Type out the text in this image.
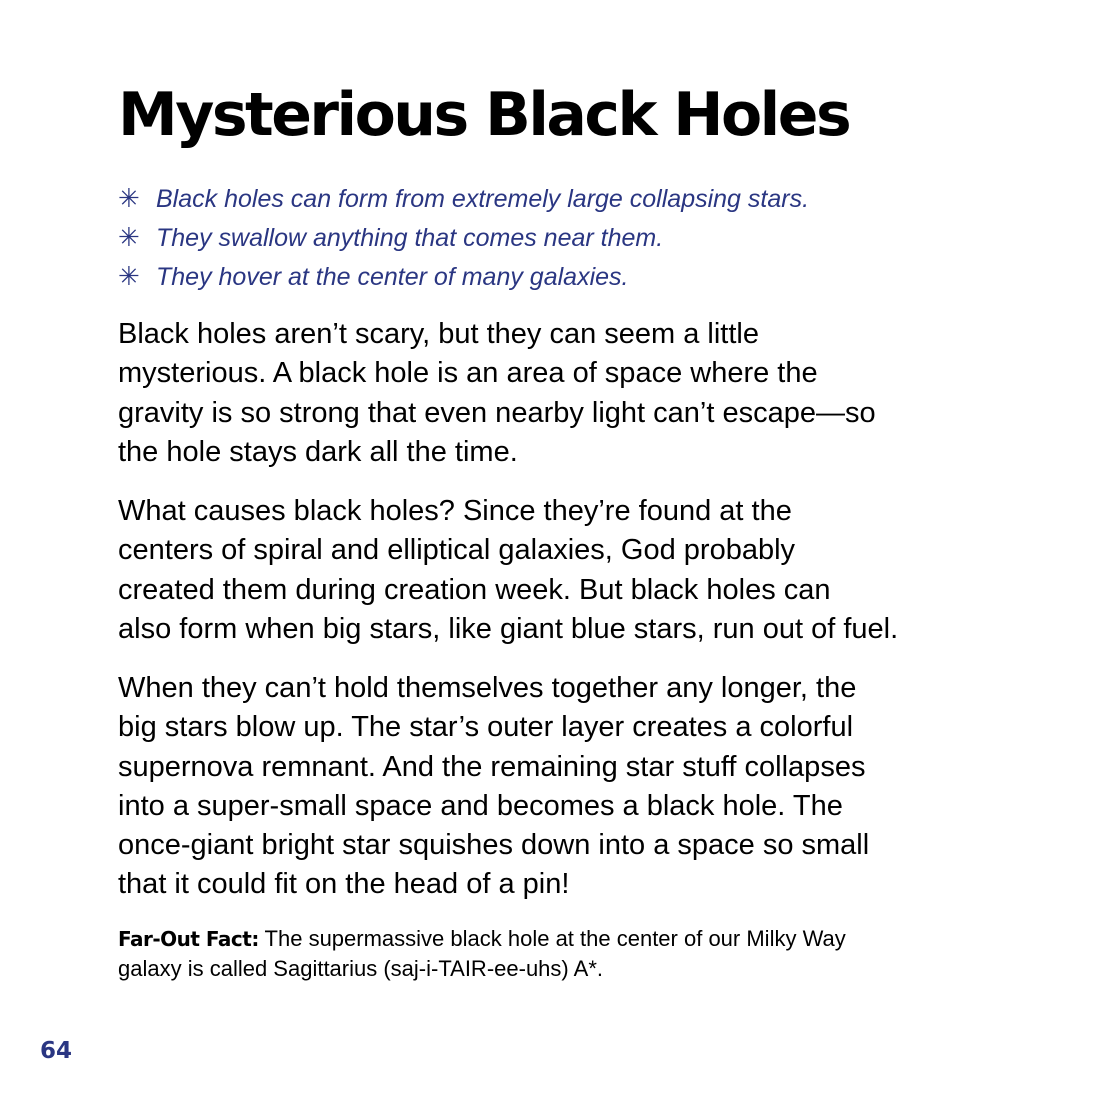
Mysterious Black Holes
✳ Black holes can form from extremely large collapsing stars.
✳ They swallow anything that comes near them.
✳ They hover at the center of many galaxies.

Black holes aren’t scary, but they can seem a little

mysterious. A black hole is an area of space where the

gravity is so strong that even nearby light can’t escape—so

the hole stays dark all the time.

What causes black holes? Since they’re found at the

centers of spiral and elliptical galaxies, God probably

created them during creation week. But black holes can

also form when big stars, like giant blue stars, run out of fuel.

When they can’t hold themselves together any longer, the

big stars blow up. The star’s outer layer creates a colorful

supernova remnant. And the remaining star stuff collapses

into a super-small space and becomes a black hole. The

once-giant bright star squishes down into a space so small

that it could fit on the head of a pin!

Far-Out Fact: The supermassive black hole at the center of our Milky Way

galaxy is called Sagittarius (saj-i-TAIR-ee-uhs) A*.

64
